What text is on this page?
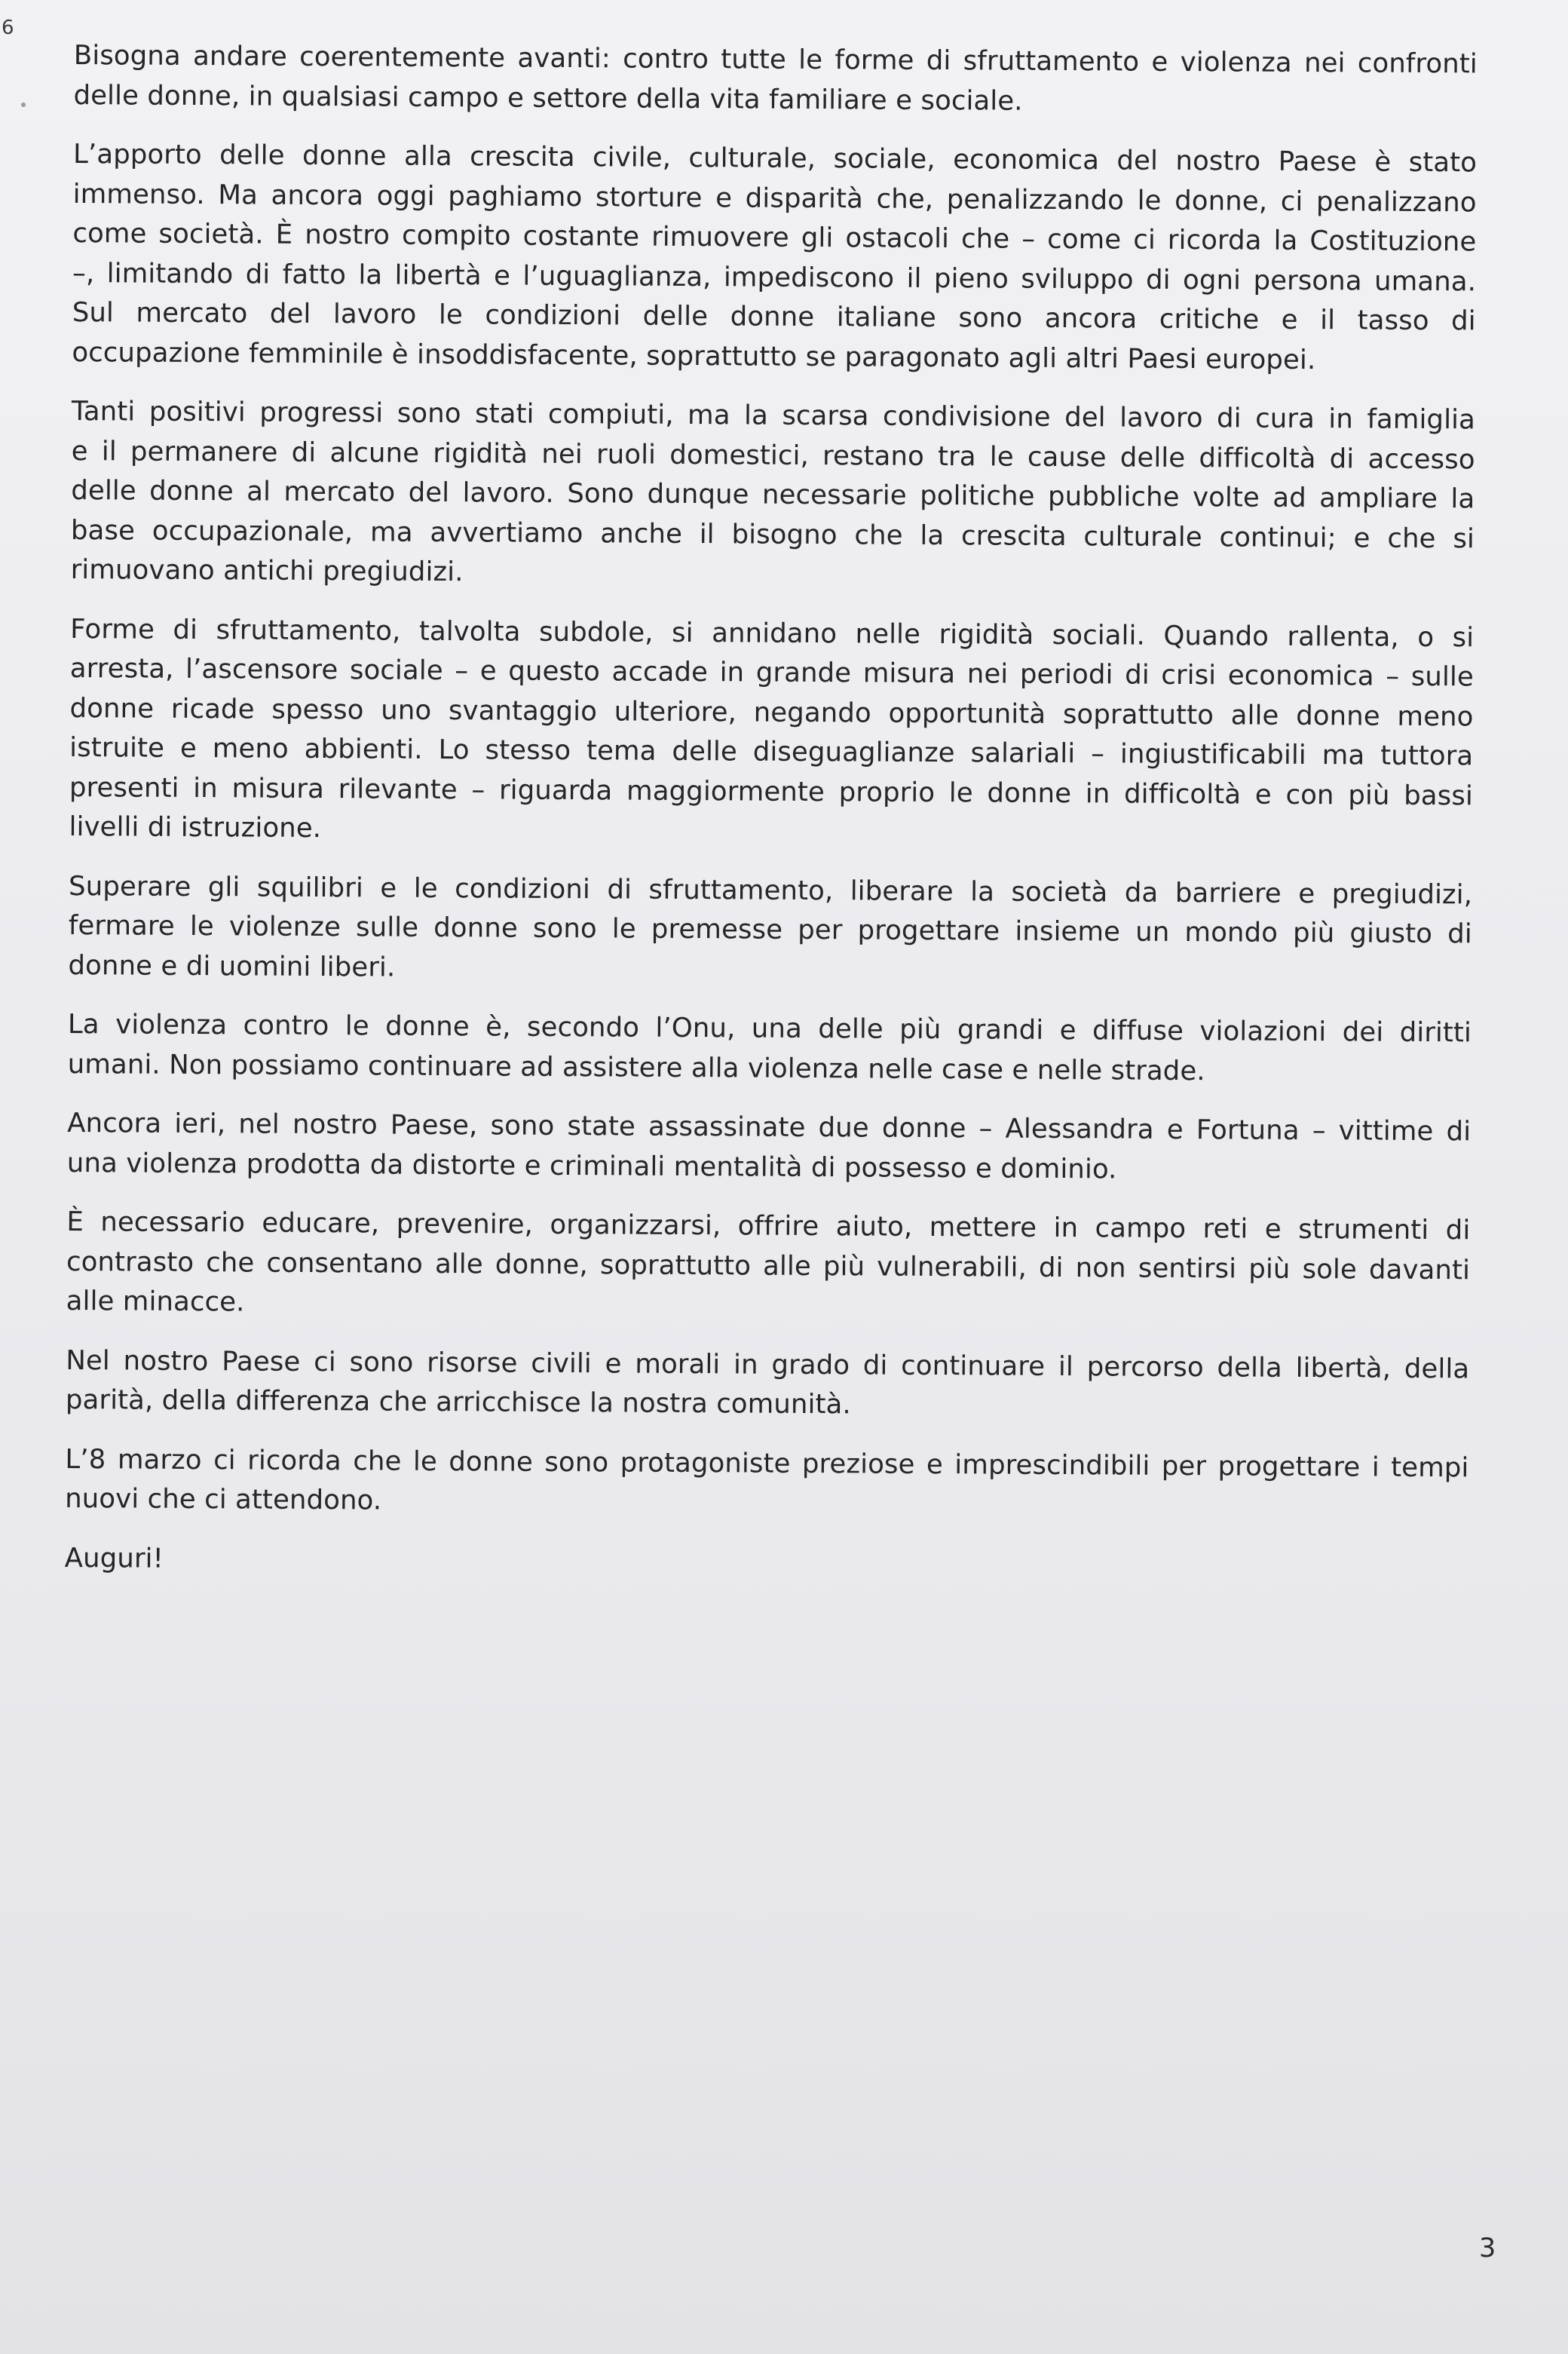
6
Bisogna andare coerentemente avanti: contro tutte le forme di sfruttamento e violenza nei confronti
delle donne, in qualsiasi campo e settore della vita familiare e sociale.
L’apporto delle donne alla crescita civile, culturale, sociale, economica del nostro Paese è stato
immenso. Ma ancora oggi paghiamo storture e disparità che, penalizzando le donne, ci penalizzano
come società. È nostro compito costante rimuovere gli ostacoli che – come ci ricorda la Costituzione
–, limitando di fatto la libertà e l’uguaglianza, impediscono il pieno sviluppo di ogni persona umana.
Sul mercato del lavoro le condizioni delle donne italiane sono ancora critiche e il tasso di
occupazione femminile è insoddisfacente, soprattutto se paragonato agli altri Paesi europei.
Tanti positivi progressi sono stati compiuti, ma la scarsa condivisione del lavoro di cura in famiglia
e il permanere di alcune rigidità nei ruoli domestici, restano tra le cause delle difficoltà di accesso
delle donne al mercato del lavoro. Sono dunque necessarie politiche pubbliche volte ad ampliare la
base occupazionale, ma avvertiamo anche il bisogno che la crescita culturale continui; e che si
rimuovano antichi pregiudizi.
Forme di sfruttamento, talvolta subdole, si annidano nelle rigidità sociali. Quando rallenta, o si
arresta, l’ascensore sociale – e questo accade in grande misura nei periodi di crisi economica – sulle
donne ricade spesso uno svantaggio ulteriore, negando opportunità soprattutto alle donne meno
istruite e meno abbienti. Lo stesso tema delle diseguaglianze salariali – ingiustificabili ma tuttora
presenti in misura rilevante – riguarda maggiormente proprio le donne in difficoltà e con più bassi
livelli di istruzione.
Superare gli squilibri e le condizioni di sfruttamento, liberare la società da barriere e pregiudizi,
fermare le violenze sulle donne sono le premesse per progettare insieme un mondo più giusto di
donne e di uomini liberi.
La violenza contro le donne è, secondo l’Onu, una delle più grandi e diffuse violazioni dei diritti
umani. Non possiamo continuare ad assistere alla violenza nelle case e nelle strade.
Ancora ieri, nel nostro Paese, sono state assassinate due donne – Alessandra e Fortuna – vittime di
una violenza prodotta da distorte e criminali mentalità di possesso e dominio.
È necessario educare, prevenire, organizzarsi, offrire aiuto, mettere in campo reti e strumenti di
contrasto che consentano alle donne, soprattutto alle più vulnerabili, di non sentirsi più sole davanti
alle minacce.
Nel nostro Paese ci sono risorse civili e morali in grado di continuare il percorso della libertà, della
parità, della differenza che arricchisce la nostra comunità.
L’8 marzo ci ricorda che le donne sono protagoniste preziose e imprescindibili per progettare i tempi
nuovi che ci attendono.
Auguri!
3
